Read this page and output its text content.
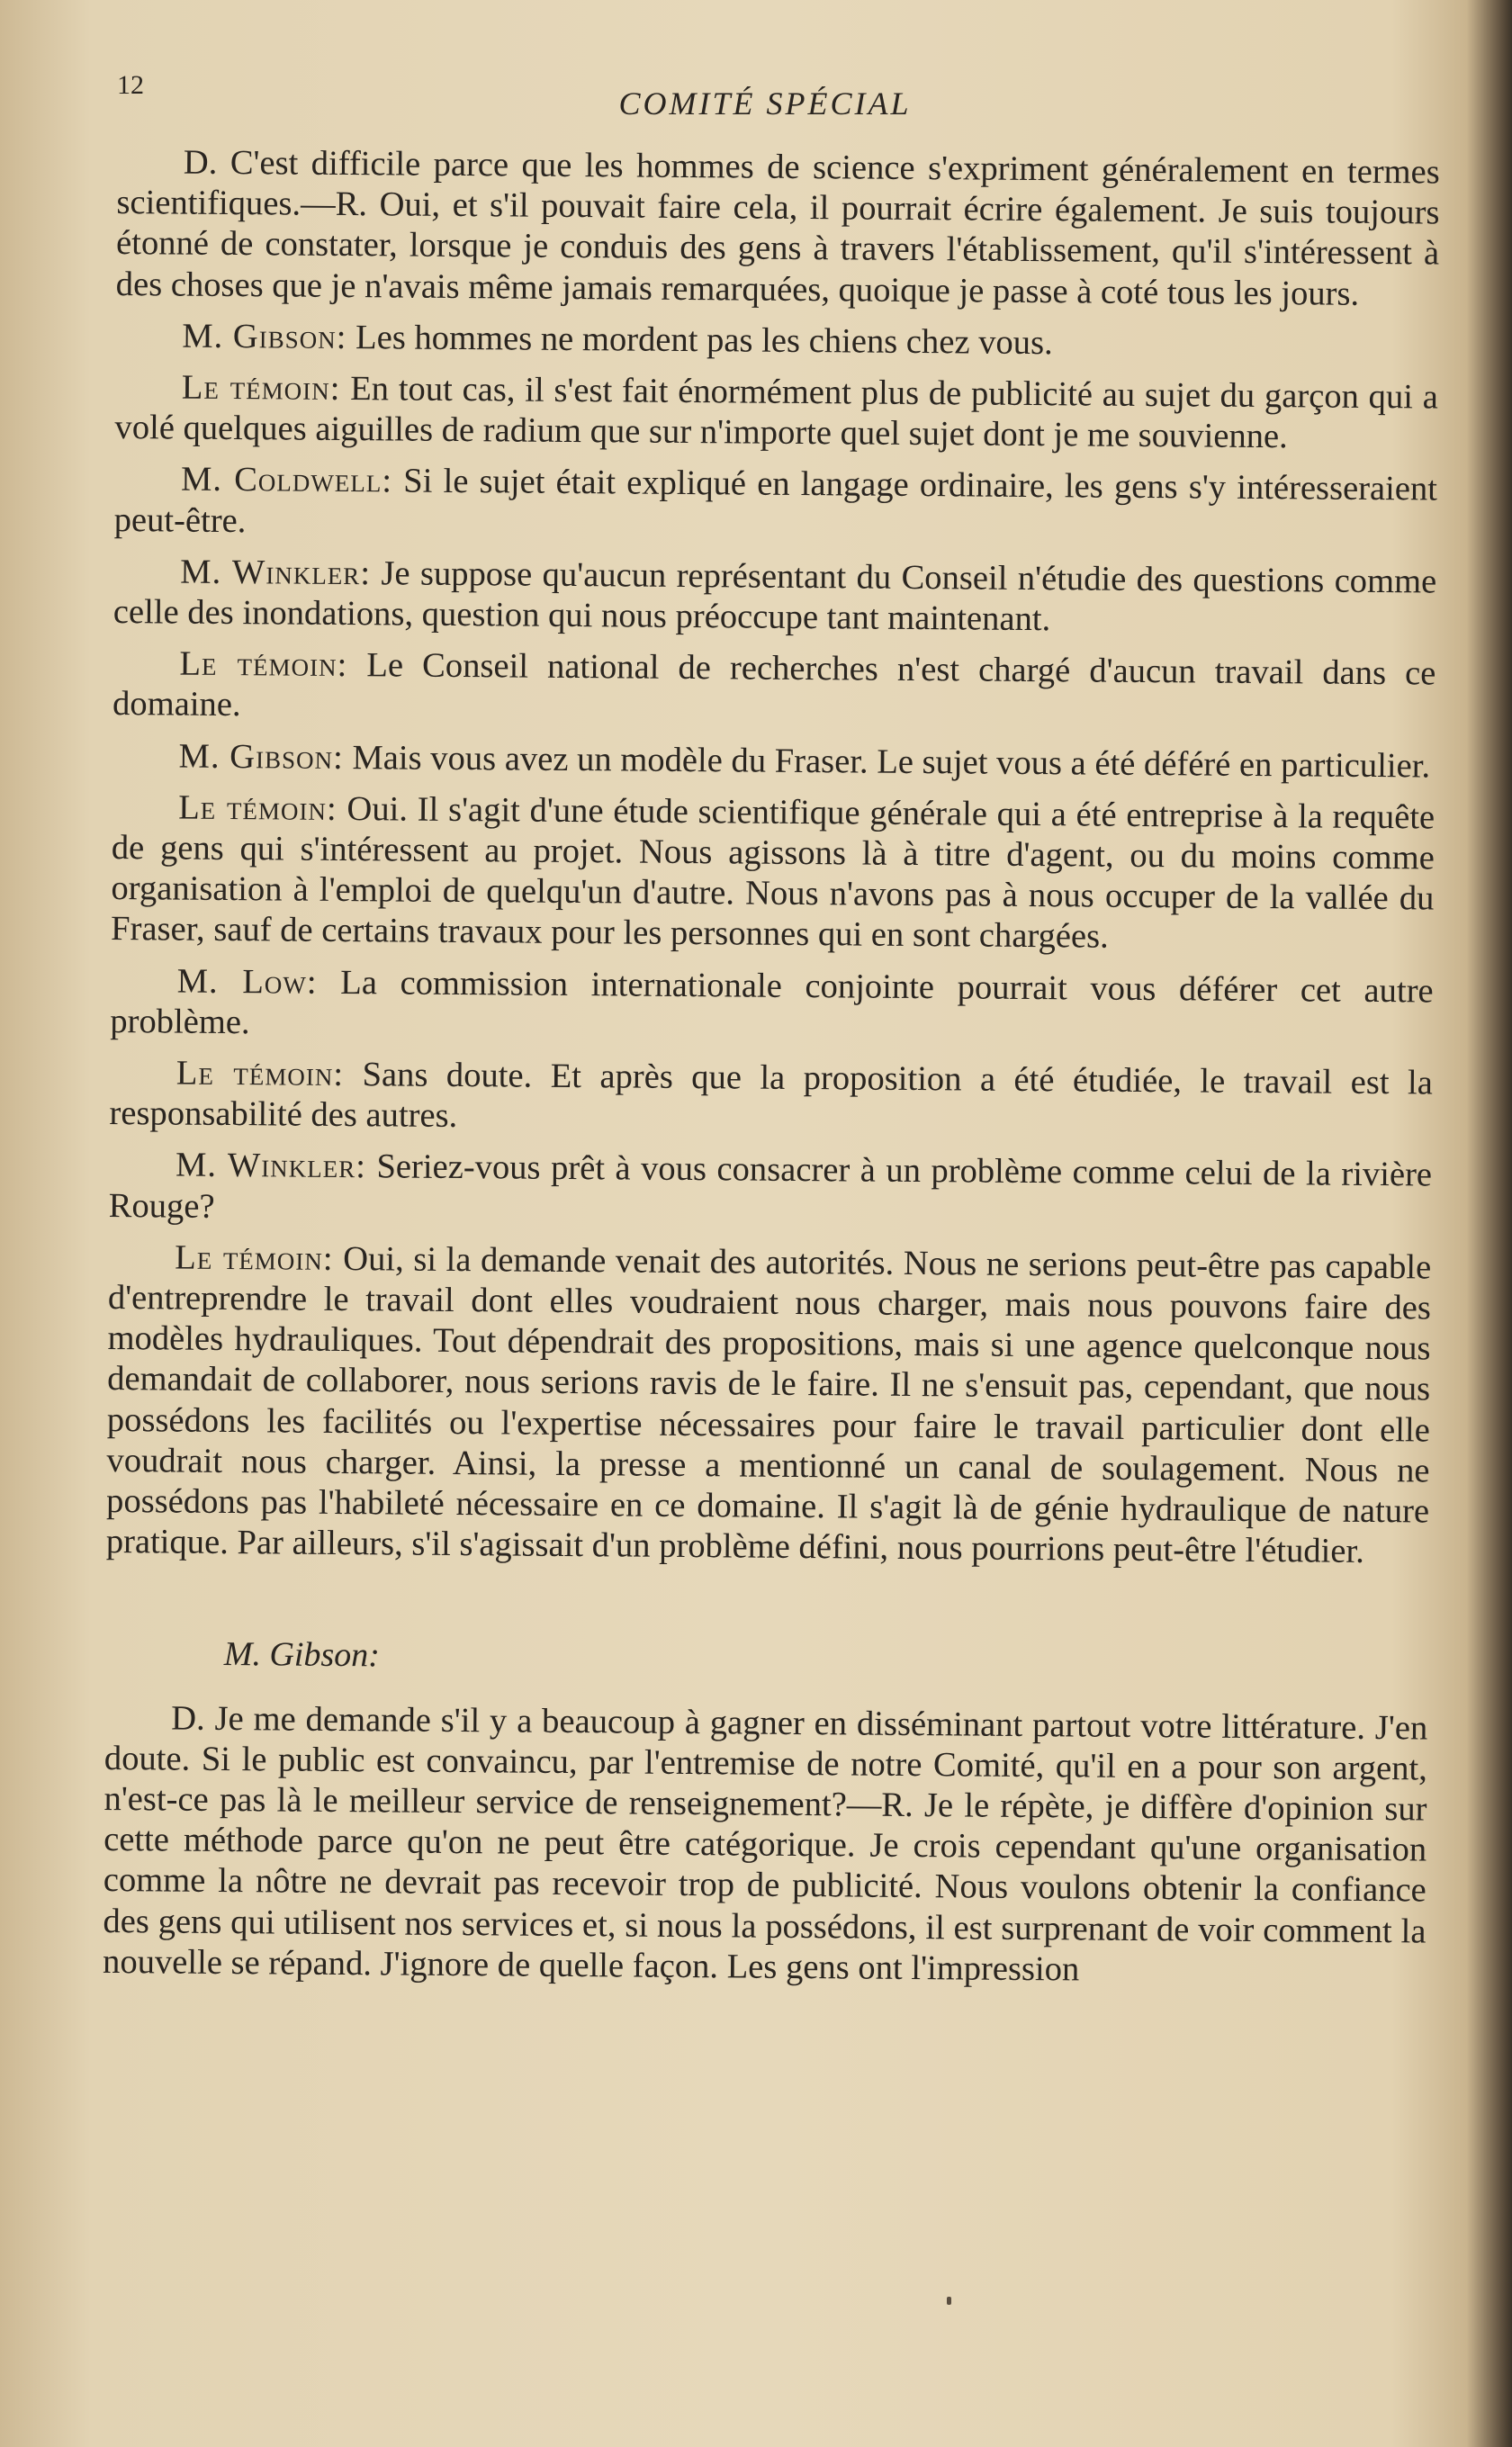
12
COMITÉ SPÉCIAL

D. C'est difficile parce que les hommes de science s'expriment généralement en termes scientifiques.—R. Oui, et s'il pouvait faire cela, il pourrait écrire également. Je suis toujours étonné de constater, lorsque je conduis des gens à travers l'établissement, qu'il s'intéressent à des choses que je n'avais même jamais remarquées, quoique je passe à coté tous les jours.

M. Gibson: Les hommes ne mordent pas les chiens chez vous.

Le témoin: En tout cas, il s'est fait énormément plus de publicité au sujet du garçon qui a volé quelques aiguilles de radium que sur n'importe quel sujet dont je me souvienne.

M. Coldwell: Si le sujet était expliqué en langage ordinaire, les gens s'y intéresseraient peut-être.

M. Winkler: Je suppose qu'aucun représentant du Conseil n'étudie des questions comme celle des inondations, question qui nous préoccupe tant maintenant.

Le témoin: Le Conseil national de recherches n'est chargé d'aucun travail dans ce domaine.

M. Gibson: Mais vous avez un modèle du Fraser. Le sujet vous a été déféré en particulier.

Le témoin: Oui. Il s'agit d'une étude scientifique générale qui a été entreprise à la requête de gens qui s'intéressent au projet. Nous agissons là à titre d'agent, ou du moins comme organisation à l'emploi de quelqu'un d'autre. Nous n'avons pas à nous occuper de la vallée du Fraser, sauf de certains travaux pour les personnes qui en sont chargées.

M. Low: La commission internationale conjointe pourrait vous déférer cet autre problème.

Le témoin: Sans doute. Et après que la proposition a été étudiée, le travail est la responsabilité des autres.

M. Winkler: Seriez-vous prêt à vous consacrer à un problème comme celui de la rivière Rouge?

Le témoin: Oui, si la demande venait des autorités. Nous ne serions peut-être pas capable d'entreprendre le travail dont elles voudraient nous charger, mais nous pouvons faire des modèles hydrauliques. Tout dépendrait des propositions, mais si une agence quelconque nous demandait de collaborer, nous serions ravis de le faire. Il ne s'ensuit pas, cependant, que nous possédons les facilités ou l'expertise nécessaires pour faire le travail particulier dont elle voudrait nous charger. Ainsi, la presse a mentionné un canal de soulagement. Nous ne possédons pas l'habileté nécessaire en ce domaine. Il s'agit là de génie hydraulique de nature pratique. Par ailleurs, s'il s'agissait d'un problème défini, nous pourrions peut-être l'étudier.

M. Gibson:

D. Je me demande s'il y a beaucoup à gagner en disséminant partout votre littérature. J'en doute. Si le public est convaincu, par l'entremise de notre Comité, qu'il en a pour son argent, n'est-ce pas là le meilleur service de renseignement?—R. Je le répète, je diffère d'opinion sur cette méthode parce qu'on ne peut être catégorique. Je crois cependant qu'une organisation comme la nôtre ne devrait pas recevoir trop de publicité. Nous voulons obtenir la confiance des gens qui utilisent nos services et, si nous la possédons, il est surprenant de voir comment la nouvelle se répand. J'ignore de quelle façon. Les gens ont l'impression
